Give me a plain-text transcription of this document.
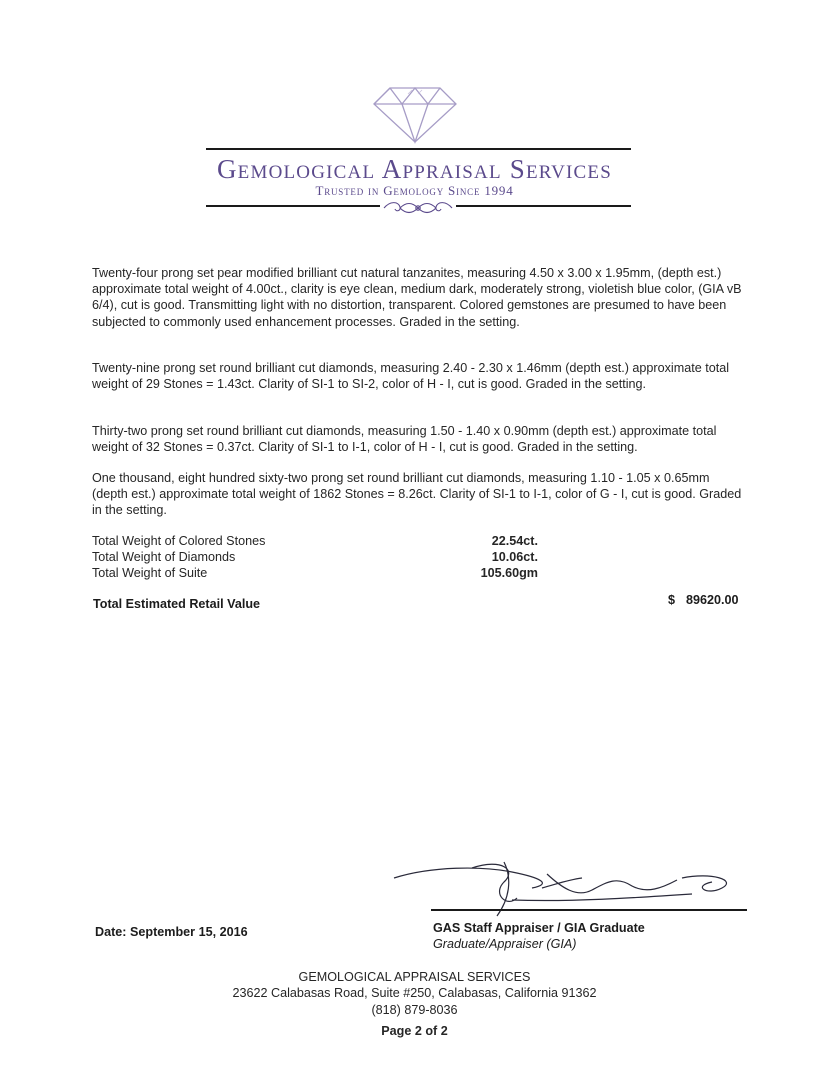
Gemological Appraisal Services
Trusted in Gemology Since 1994
Twenty-four prong set pear modified brilliant cut natural tanzanites, measuring 4.50 x 3.00 x 1.95mm, (depth est.) approximate total weight of 4.00ct., clarity is eye clean, medium dark, moderately strong, violetish blue color, (GIA vB 6/4), cut is good. Transmitting light with no distortion, transparent. Colored gemstones are presumed to have been subjected to commonly used enhancement processes. Graded in the setting.
Twenty-nine prong set round brilliant cut diamonds, measuring 2.40 - 2.30 x 1.46mm (depth est.) approximate total weight of 29 Stones = 1.43ct. Clarity of SI-1 to SI-2, color of H - I, cut is good. Graded in the setting.
Thirty-two prong set round brilliant cut diamonds, measuring 1.50 - 1.40 x 0.90mm (depth est.) approximate total weight of 32 Stones = 0.37ct. Clarity of SI-1 to I-1, color of H - I, cut is good. Graded in the setting.
One thousand, eight hundred sixty-two prong set round brilliant cut diamonds, measuring 1.10 - 1.05 x 0.65mm (depth est.) approximate total weight of 1862 Stones = 8.26ct. Clarity of SI-1 to I-1, color of G - I, cut is good. Graded in the setting.
Total Weight of Colored Stones	22.54ct.
Total Weight of Diamonds	10.06ct.
Total Weight of Suite	105.60gm
Total Estimated Retail Value	$ 89620.00
Date: September 15, 2016	GAS Staff Appraiser / GIA Graduate
Graduate/Appraiser (GIA)
GEMOLOGICAL APPRAISAL SERVICES
23622 Calabasas Road, Suite #250, Calabasas, California 91362
(818) 879-8036
Page 2 of 2
